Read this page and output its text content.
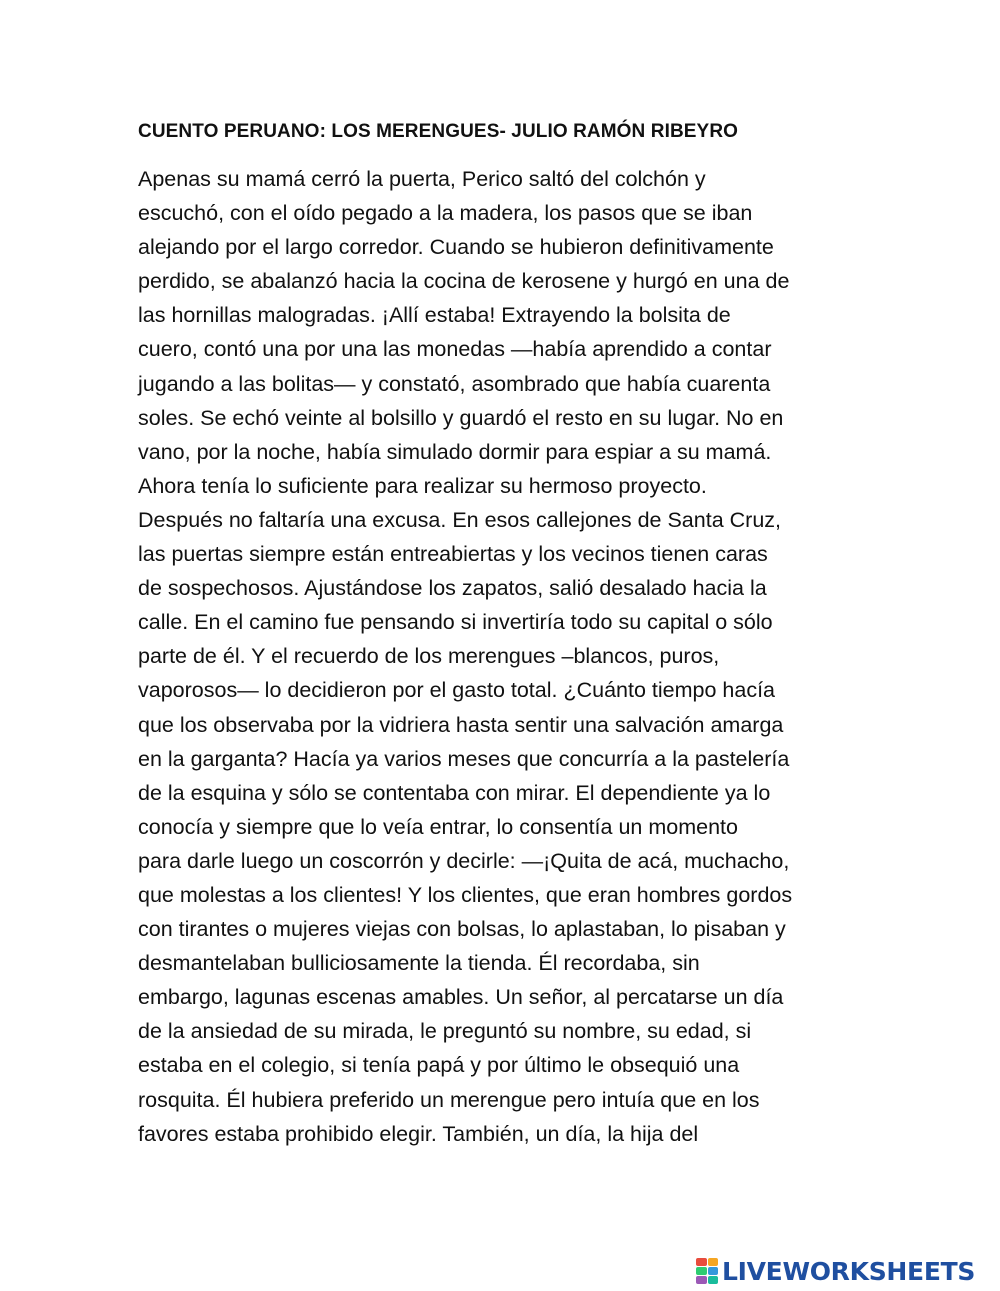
CUENTO PERUANO: LOS MERENGUES- JULIO RAMÓN RIBEYRO
Apenas su mamá cerró la puerta, Perico saltó del colchón y
escuchó, con el oído pegado a la madera, los pasos que se iban
alejando por el largo corredor. Cuando se hubieron definitivamente
perdido, se abalanzó hacia la cocina de kerosene y hurgó en una de
las hornillas malogradas. ¡Allí estaba! Extrayendo la bolsita de
cuero, contó una por una las monedas —había aprendido a contar
jugando a las bolitas— y constató, asombrado que había cuarenta
soles. Se echó veinte al bolsillo y guardó el resto en su lugar. No en
vano, por la noche, había simulado dormir para espiar a su mamá.
Ahora tenía lo suficiente para realizar su hermoso proyecto.
Después no faltaría una excusa. En esos callejones de Santa Cruz,
las puertas siempre están entreabiertas y los vecinos tienen caras
de sospechosos. Ajustándose los zapatos, salió desalado hacia la
calle. En el camino fue pensando si invertiría todo su capital o sólo
parte de él. Y el recuerdo de los merengues –blancos, puros,
vaporosos— lo decidieron por el gasto total. ¿Cuánto tiempo hacía
que los observaba por la vidriera hasta sentir una salvación amarga
en la garganta? Hacía ya varios meses que concurría a la pastelería
de la esquina y sólo se contentaba con mirar. El dependiente ya lo
conocía y siempre que lo veía entrar, lo consentía un momento
para darle luego un coscorrón y decirle: —¡Quita de acá, muchacho,
que molestas a los clientes! Y los clientes, que eran hombres gordos
con tirantes o mujeres viejas con bolsas, lo aplastaban, lo pisaban y
desmantelaban bulliciosamente la tienda. Él recordaba, sin
embargo, lagunas escenas amables. Un señor, al percatarse un día
de la ansiedad de su mirada, le preguntó su nombre, su edad, si
estaba en el colegio, si tenía papá y por último le obsequió una
rosquita. Él hubiera preferido un merengue pero intuía que en los
favores estaba prohibido elegir. También, un día, la hija del
LIVEWORKSHEETS
